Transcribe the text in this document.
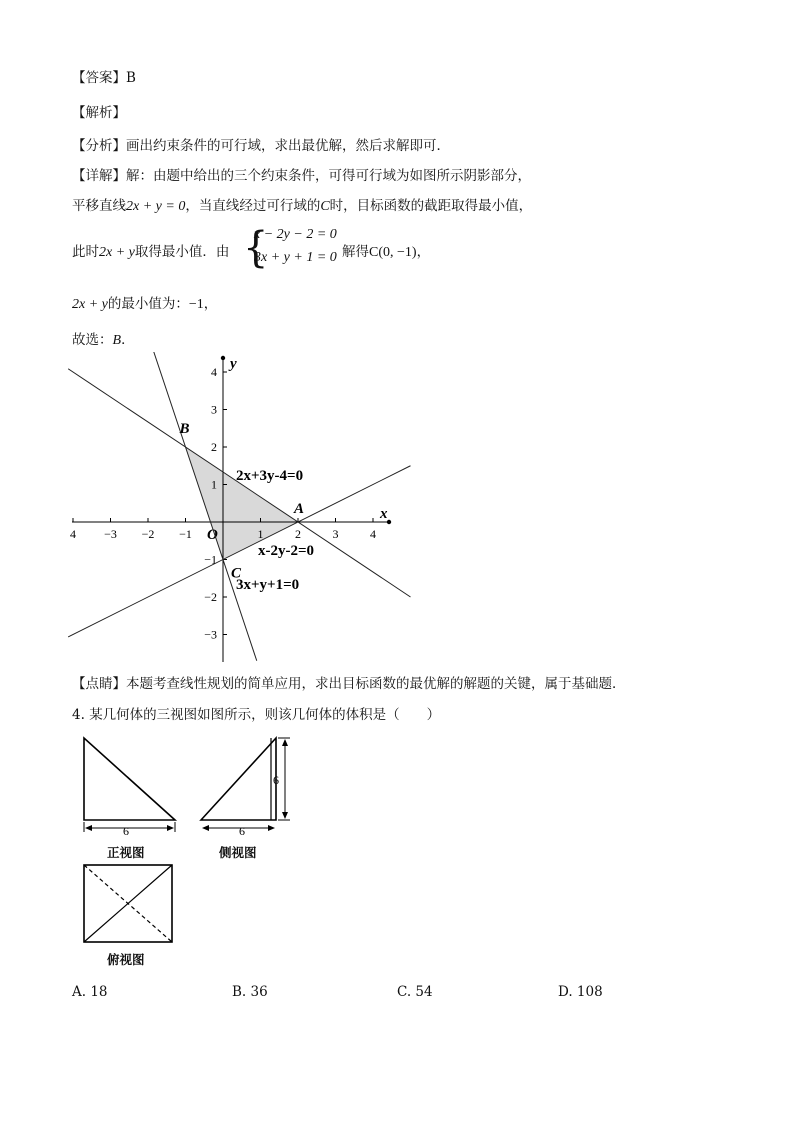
【答案】B
【解析】
【分析】画出约束条件的可行域，求出最优解，然后求解即可．
【详解】解：由题中给出的三个约束条件，可得可行域为如图所示阴影部分，
平移直线2x + y = 0，当直线经过可行域的C时，目标函数的截距取得最小值，
此时2x + y取得最小值．由 {
x − 2y − 2 = 0
3x + y + 1 = 0 解得C(0, −1)，
2x + y的最小值为：−1，
故选：B．
x
y
4 −3 −2 −1	1	2	3	4
4
3
2
1
−1
−2
−3
O
2x+3y-4=0
x-2y-2=0
3x+y+1=0
A
B
C
【点睛】本题考查线性规划的简单应用，求出目标函数的最优解的解题的关键，属于基础题．
4. 某几何体的三视图如图所示，则该几何体的体积是（　　）
6	6
6
正视图	侧视图
俯视图
A. 18	B. 36	C. 54	D. 108
